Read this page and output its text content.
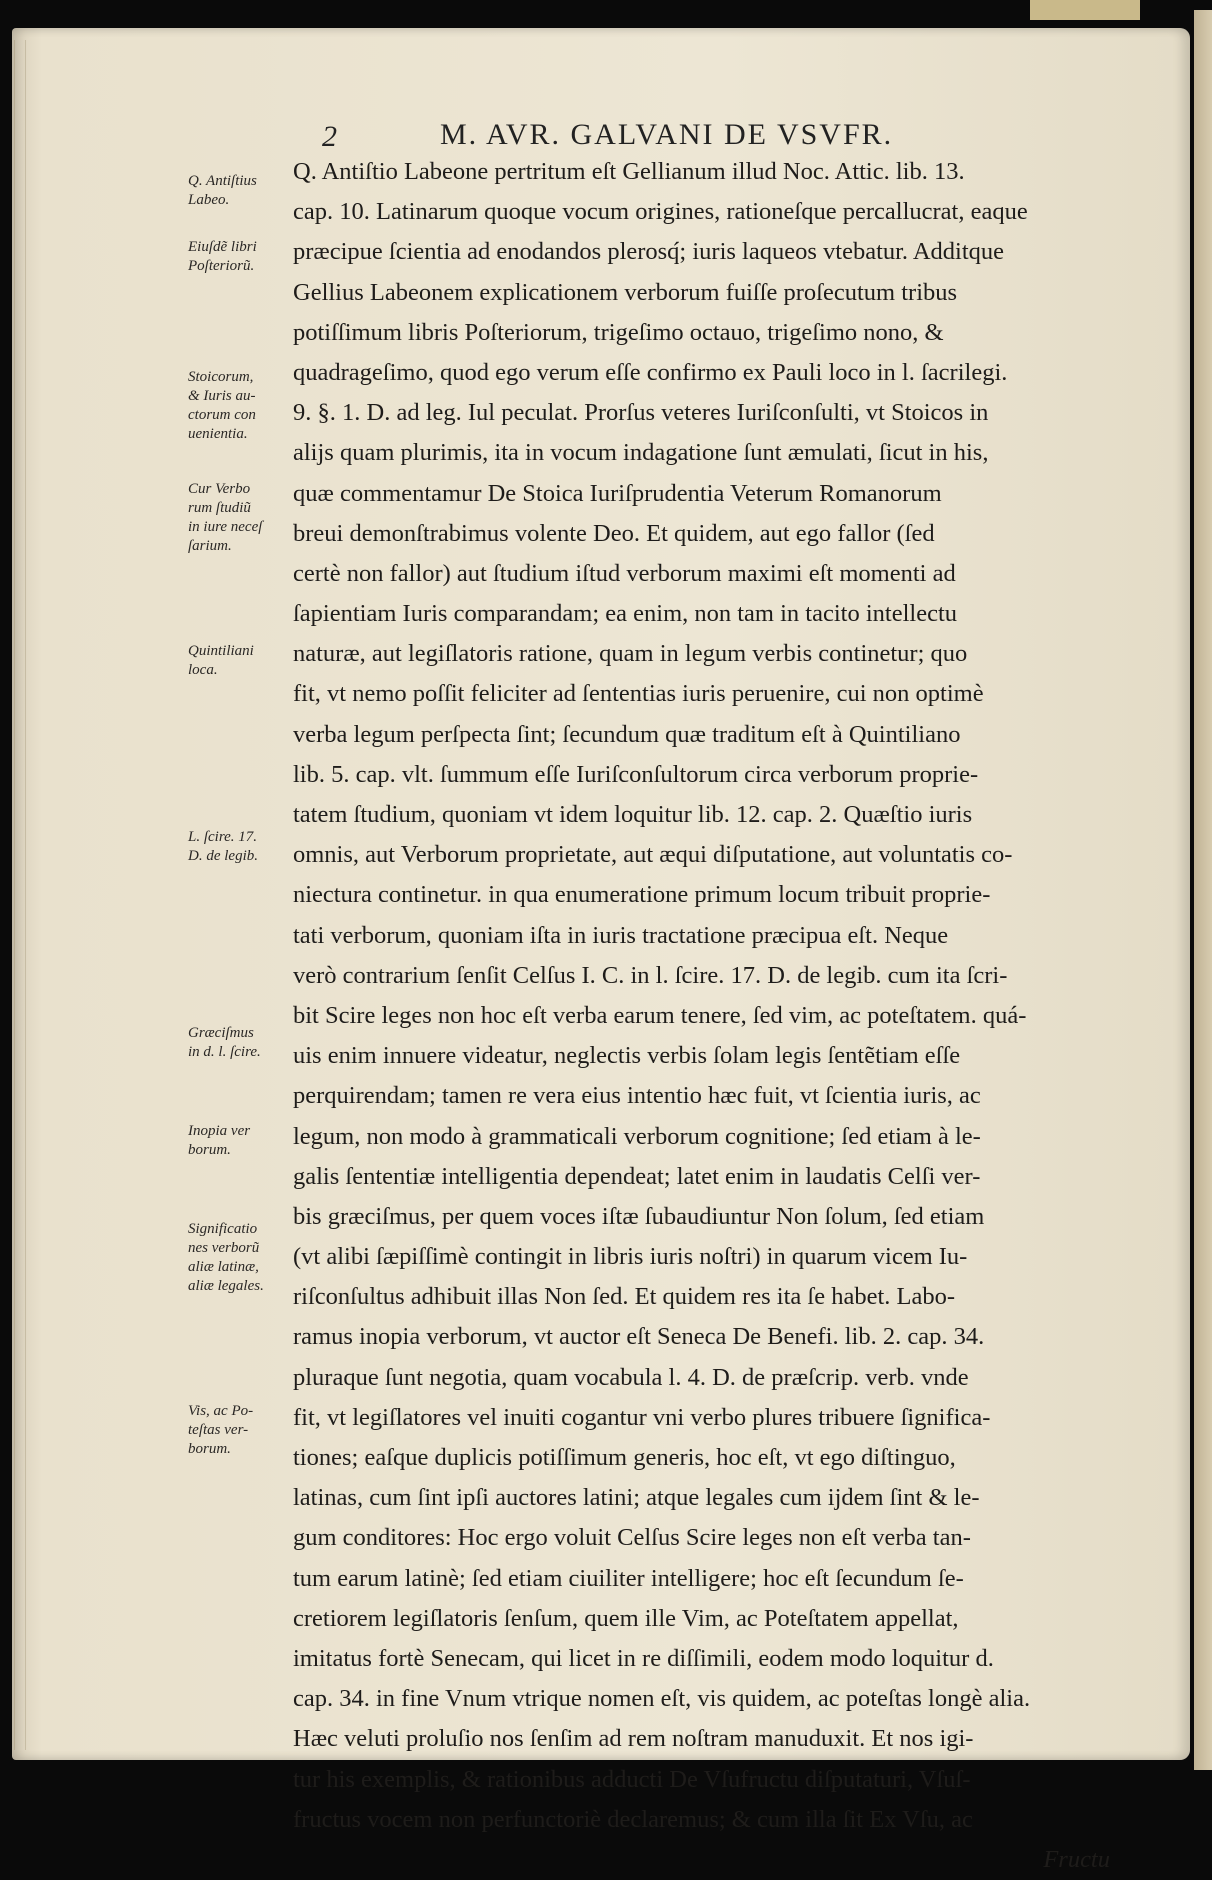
2	M. AVR. GALVANI DE VSVFR.
Q. Antiſtio Labeone pertritum eſt Gellianum illud Noc. Attic. lib. 13.
cap. 10. Latinarum quoque vocum origines, rationeſque percallucrat, eaque
præcipue ſcientia ad enodandos plerosq́; iuris laqueos vtebatur. Additque
Gellius Labeonem explicationem verborum fuiſſe proſecutum tribus
potiſſimum libris Poſteriorum, trigeſimo octauo, trigeſimo nono, &
quadrageſimo, quod ego verum eſſe confirmo ex Pauli loco in l. ſacrilegi.
9. §. 1. D. ad leg. Iul peculat. Prorſus veteres Iuriſconſulti, vt Stoicos in
alijs quam plurimis, ita in vocum indagatione ſunt æmulati, ſicut in his,
quæ commentamur De Stoica Iuriſprudentia Veterum Romanorum
breui demonſtrabimus volente Deo. Et quidem, aut ego fallor (ſed
certè non fallor) aut ſtudium iſtud verborum maximi eſt momenti ad
ſapientiam Iuris comparandam; ea enim, non tam in tacito intellectu
naturæ, aut legiſlatoris ratione, quam in legum verbis continetur; quo
fit, vt nemo poſſit feliciter ad ſententias iuris peruenire, cui non optimè
verba legum perſpecta ſint; ſecundum quæ traditum eſt à Quintiliano
lib. 5. cap. vlt. ſummum eſſe Iuriſconſultorum circa verborum proprie-
tatem ſtudium, quoniam vt idem loquitur lib. 12. cap. 2. Quæſtio iuris
omnis, aut Verborum proprietate, aut æqui diſputatione, aut voluntatis co-
niectura continetur. in qua enumeratione primum locum tribuit proprie-
tati verborum, quoniam iſta in iuris tractatione præcipua eſt. Neque
verò contrarium ſenſit Celſus I. C. in l. ſcire. 17. D. de legib. cum ita ſcri-
bit Scire leges non hoc eſt verba earum tenere, ſed vim, ac poteſtatem. quá-
uis enim innuere videatur, neglectis verbis ſolam legis ſentẽtiam eſſe
perquirendam; tamen re vera eius intentio hæc fuit, vt ſcientia iuris, ac
legum, non modo à grammaticali verborum cognitione; ſed etiam à le-
galis ſententiæ intelligentia dependeat; latet enim in laudatis Celſi ver-
bis græciſmus, per quem voces iſtæ ſubaudiuntur Non ſolum, ſed etiam
(vt alibi ſæpiſſimè contingit in libris iuris noſtri) in quarum vicem Iu-
riſconſultus adhibuit illas Non ſed. Et quidem res ita ſe habet. Labo-
ramus inopia verborum, vt auctor eſt Seneca De Benefi. lib. 2. cap. 34.
pluraque ſunt negotia, quam vocabula l. 4. D. de præſcrip. verb. vnde
fit, vt legiſlatores vel inuiti cogantur vni verbo plures tribuere ſignifica-
tiones; eaſque duplicis potiſſimum generis, hoc eſt, vt ego diſtinguo,
latinas, cum ſint ipſi auctores latini; atque legales cum ijdem ſint & le-
gum conditores: Hoc ergo voluit Celſus Scire leges non eſt verba tan-
tum earum latinè; ſed etiam ciuiliter intelligere; hoc eſt ſecundum ſe-
cretiorem legiſlatoris ſenſum, quem ille Vim, ac Poteſtatem appellat,
imitatus fortè Senecam, qui licet in re diſſimili, eodem modo loquitur d.
cap. 34. in fine Vnum vtrique nomen eſt, vis quidem, ac poteſtas longè alia.
Hæc veluti proluſio nos ſenſim ad rem noſtram manuduxit. Et nos igi-
tur his exemplis, & rationibus adducti De Vſufructu diſputaturi, Vſuſ-
fructus vocem non perfunctoriè declaremus; & cum illa ſit Ex Vſu, ac
Fructu
Q. Antiſtius
Labeo.
Eiuſdẽ libri
Poſteriorũ.
Stoicorum,
& Iuris au-
ctorum con
uenientia.
Cur Verbo
rum ſtudiũ
in iure neceſ
ſarium.
Quintiliani
loca.
L. ſcire. 17.
D. de legib.
Græciſmus
in d. l. ſcire.
Inopia ver
borum.
Significatio
nes verborũ
aliæ latinæ,
aliæ legales.
Vis, ac Po-
teſtas ver-
borum.
